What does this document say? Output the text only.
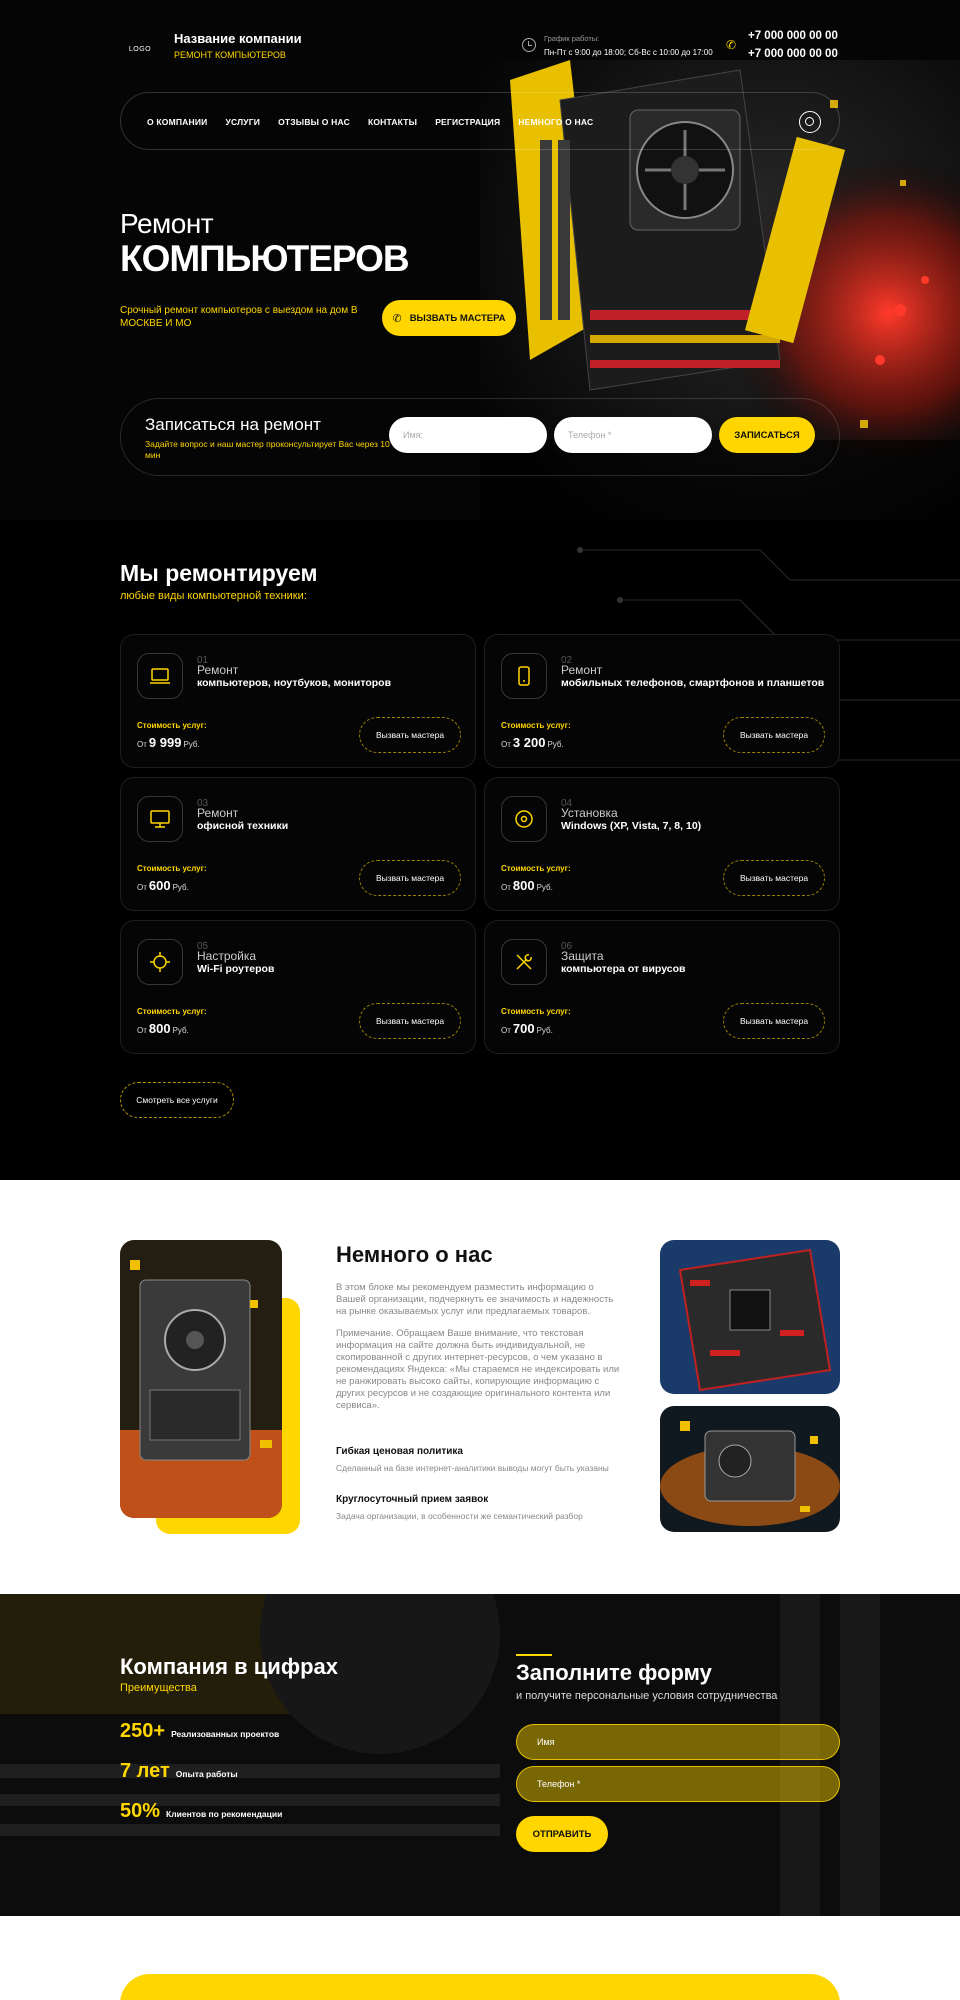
LOGO
Название компании
РЕМОНТ КОМПЬЮТЕРОВ
График работы:
Пн-Пт с 9:00 до 18:00; Сб-Вс с 10:00 до 17:00
✆
+7 000 000 00 00
+7 000 000 00 00
О КОМПАНИИ УСЛУГИ ОТЗЫВЫ О НАС КОНТАКТЫ РЕГИСТРАЦИЯ НЕМНОГО О НАС
Ремонт
КОМПЬЮТЕРОВ
Срочный ремонт компьютеров с выездом на дом В МОСКВЕ И МО	✆ ВЫЗВАТЬ МАСТЕРА
Записаться на ремонт
Задайте вопрос и наш мастер проконсультирует Вас через 10 мин
Имя:	Телефон *	ЗАПИСАТЬСЯ
Мы ремонтируем
любые виды компьютерной техники:
01
Ремонт
компьютеров, ноутбуков, мониторов
Стоимость услуг:
От 9 999 Руб.
Вызвать мастера
02
Ремонт
мобильных телефонов, смартфонов и планшетов
Стоимость услуг:
От 3 200 Руб.
Вызвать мастера
03
Ремонт
офисной техники
Стоимость услуг:
От 600 Руб.
Вызвать мастера
04
Установка
Windows (XP, Vista, 7, 8, 10)
Стоимость услуг:
От 800 Руб.
Вызвать мастера
05
Настройка
Wi-Fi роутеров
Стоимость услуг:
От 800 Руб.
Вызвать мастера
06
Защита
компьютера от вирусов
Стоимость услуг:
От 700 Руб.
Вызвать мастера
Смотреть все услуги
Немного о нас
В этом блоке мы рекомендуем разместить информацию о Вашей организации, подчеркнуть ее значимость и надежность на рынке оказываемых услуг или предлагаемых товаров.
Примечание. Обращаем Ваше внимание, что текстовая информация на сайте должна быть индивидуальной, не скопированной с других интернет-ресурсов, о чем указано в рекомендациях Яндекса: «Мы стараемся не индексировать или не ранжировать высоко сайты, копирующие информацию с других ресурсов и не создающие оригинального контента или сервиса».
Гибкая ценовая политика
Сделанный на базе интернет-аналитики выводы могут быть указаны
Круглосуточный прием заявок
Задача организации, в особенности же семантический разбор
Компания в цифрах
Преимущества
250+ Реализованных проектов
7 лет Опыта работы
50% Клиентов по рекомендации
Заполните форму
и получите персональные условия сотрудничества
Имя
Телефон *
ОТПРАВИТЬ
